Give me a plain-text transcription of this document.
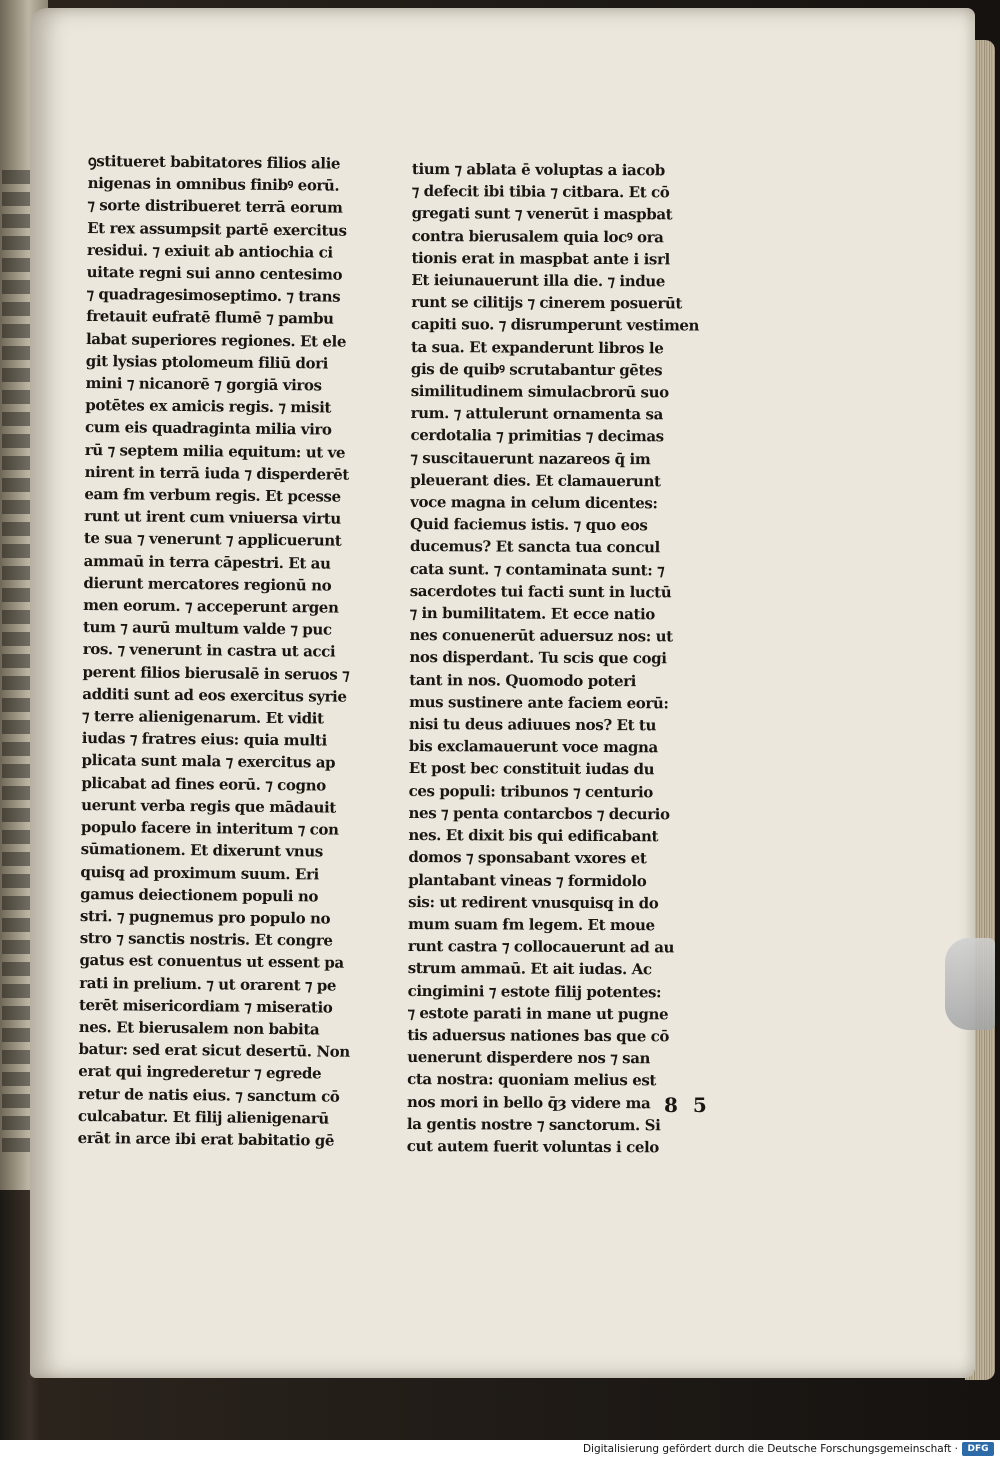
ꝯstitueret babitatores filios alie
nigenas in omnibus finibꝰ eorū.
⁊ sorte distribueret terrā eorum
Et rex assumpsit partē exercitus
residui. ⁊ exiuit ab antiochia ci
uitate regni sui anno centesimo
⁊ quadragesimoseptimo. ⁊ trans
fretauit eufratē flumē ⁊ pambu
labat superiores regiones. Et ele
git lysias ptolomeum filiū dori
mini ⁊ nicanorē ⁊ gorgiā viros
potētes ex amicis regis. ⁊ misit
cum eis quadraginta milia viro
rū ⁊ septem milia equitum: ut ve
nirent in terrā iuda ⁊ disperderēt
eam ẜm verbum regis. Et pcesse
runt ut irent cum vniuersa virtu
te sua ⁊ venerunt ⁊ applicuerunt
ammaū in terra cāpestri. Et au
dierunt mercatores regionū no
men eorum. ⁊ acceperunt argen
tum ⁊ aurū multum valde ⁊ puc
ros. ⁊ venerunt in castra ut acci
perent filios bierusalē in seruos ⁊
additi sunt ad eos exercitus syrie
⁊ terre alienigenarum. Et vidit
iudas ⁊ fratres eius: quia multi
plicata sunt mala ⁊ exercitus ap
plicabat ad fines eorū. ⁊ cogno
uerunt verba regis que mādauit
populo facere in interitum ⁊ con
sūmationem. Et dixerunt vnus
quisq̧ ad proximum suum. Eri
gamus deiectionem populi no
stri. ⁊ pugnemus pro populo no
stro ⁊ sanctis nostris. Et congre
gatus est conuentus ut essent pa
rati in prelium. ⁊ ut orarent ⁊ pe
terēt misericordiam ⁊ miseratio
nes. Et bierusalem non babita
batur: sed erat sicut desertū. Non
erat qui ingrederetur ⁊ egrede
retur de natis eius. ⁊ sanctum cō
culcabatur. Et filij alienigenarū
erāt in arce ibi erat babitatio gē
tium ⁊ ablata ē voluptas a iacob
⁊ defecit ibi tibia ⁊ citbara. Et cō
gregati sunt ⁊ venerūt i maspbat
contra bierusalem quia locꝰ ora
tionis erat in maspbat ante i isrl
Et ieiunauerunt illa die. ⁊ indue
runt se cilitijs ⁊ cinerem posuerūt
capiti suo. ⁊ disrumperunt vestimen
ta sua. Et expanderunt libros le
gis de quibꝰ scrutabantur gētes
similitudinem simulacbrorū suo
rum. ⁊ attulerunt ornamenta sa
cerdotalia ⁊ primitias ⁊ decimas
⁊ suscitauerunt nazareos q̄ im
pleuerant dies. Et clamauerunt
voce magna in celum dicentes:
Quid faciemus istis. ⁊ quo eos
ducemus? Et sancta tua concul
cata sunt. ⁊ contaminata sunt: ⁊
sacerdotes tui facti sunt in luctū
⁊ in bumilitatem. Et ecce natio
nes conuenerūt aduersuz nos: ut
nos disperdant. Tu scis que cogi
tant in nos. Quomodo poteri
mus sustinere ante faciem eorū:
nisi tu deus adiuues nos? Et tu
bis exclamauerunt voce magna
Et post bec constituit iudas du
ces populi: tribunos ⁊ centurio
nes ⁊ penta contarcbos ⁊ decurio
nes. Et dixit bis qui edificabant
domos ⁊ sponsabant vxores et
plantabant vineas ⁊ formidolo
sis: ut redirent vnusquisq̧ in do
mum suam ẜm legem. Et moue
runt castra ⁊ collocauerunt ad au
strum ammaū. Et ait iudas. Ac
cingimini ⁊ estote filij potentes:
⁊ estote parati in mane ut pugne
tis aduersus nationes bas que cō
uenerunt disperdere nos ⁊ san
cta nostra: quoniam melius est
nos mori in bello q̄ȝ videre ma
la gentis nostre ⁊ sanctorum. Si
cut autem fuerit voluntas i celo
8 5
Digitalisierung gefördert durch die Deutsche Forschungsgemeinschaft ·	DFG
